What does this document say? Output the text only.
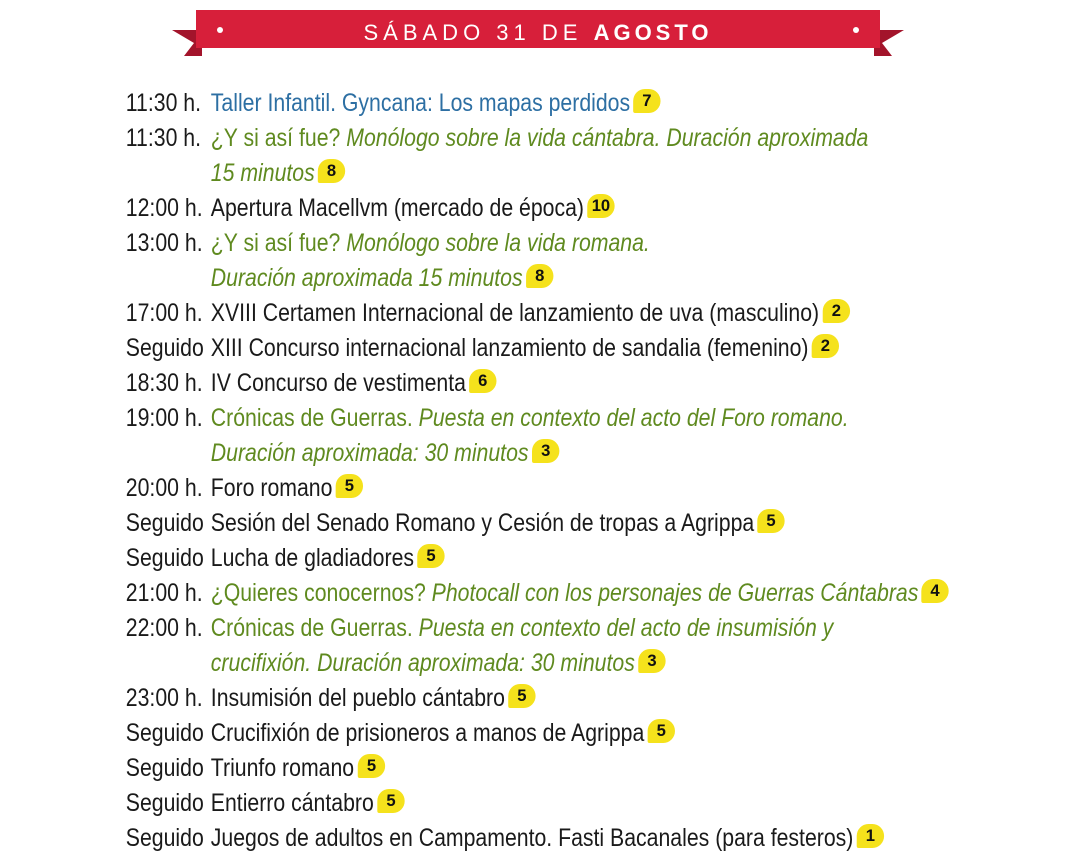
SÁBADO 31 DE AGOSTO
11:30 h. Taller Infantil. Gyncana: Los mapas perdidos 7
11:30 h. ¿Y si así fue? Monólogo sobre la vida cántabra. Duración aproximada
15 minutos 8
12:00 h. Apertura Macellvm (mercado de época) 10
13:00 h. ¿Y si así fue? Monólogo sobre la vida romana.
Duración aproximada 15 minutos 8
17:00 h. XVIII Certamen Internacional de lanzamiento de uva (masculino) 2
Seguido XIII Concurso internacional lanzamiento de sandalia (femenino) 2
18:30 h. IV Concurso de vestimenta 6
19:00 h. Crónicas de Guerras. Puesta en contexto del acto del Foro romano.
Duración aproximada: 30 minutos 3
20:00 h. Foro romano 5
Seguido Sesión del Senado Romano y Cesión de tropas a Agrippa 5
Seguido Lucha de gladiadores 5
21:00 h. ¿Quieres conocernos? Photocall con los personajes de Guerras Cántabras 4
22:00 h. Crónicas de Guerras. Puesta en contexto del acto de insumisión y
crucifixión. Duración aproximada: 30 minutos 3
23:00 h. Insumisión del pueblo cántabro 5
Seguido Crucifixión de prisioneros a manos de Agrippa 5
Seguido Triunfo romano 5
Seguido Entierro cántabro 5
Seguido Juegos de adultos en Campamento. Fasti Bacanales (para festeros) 1
